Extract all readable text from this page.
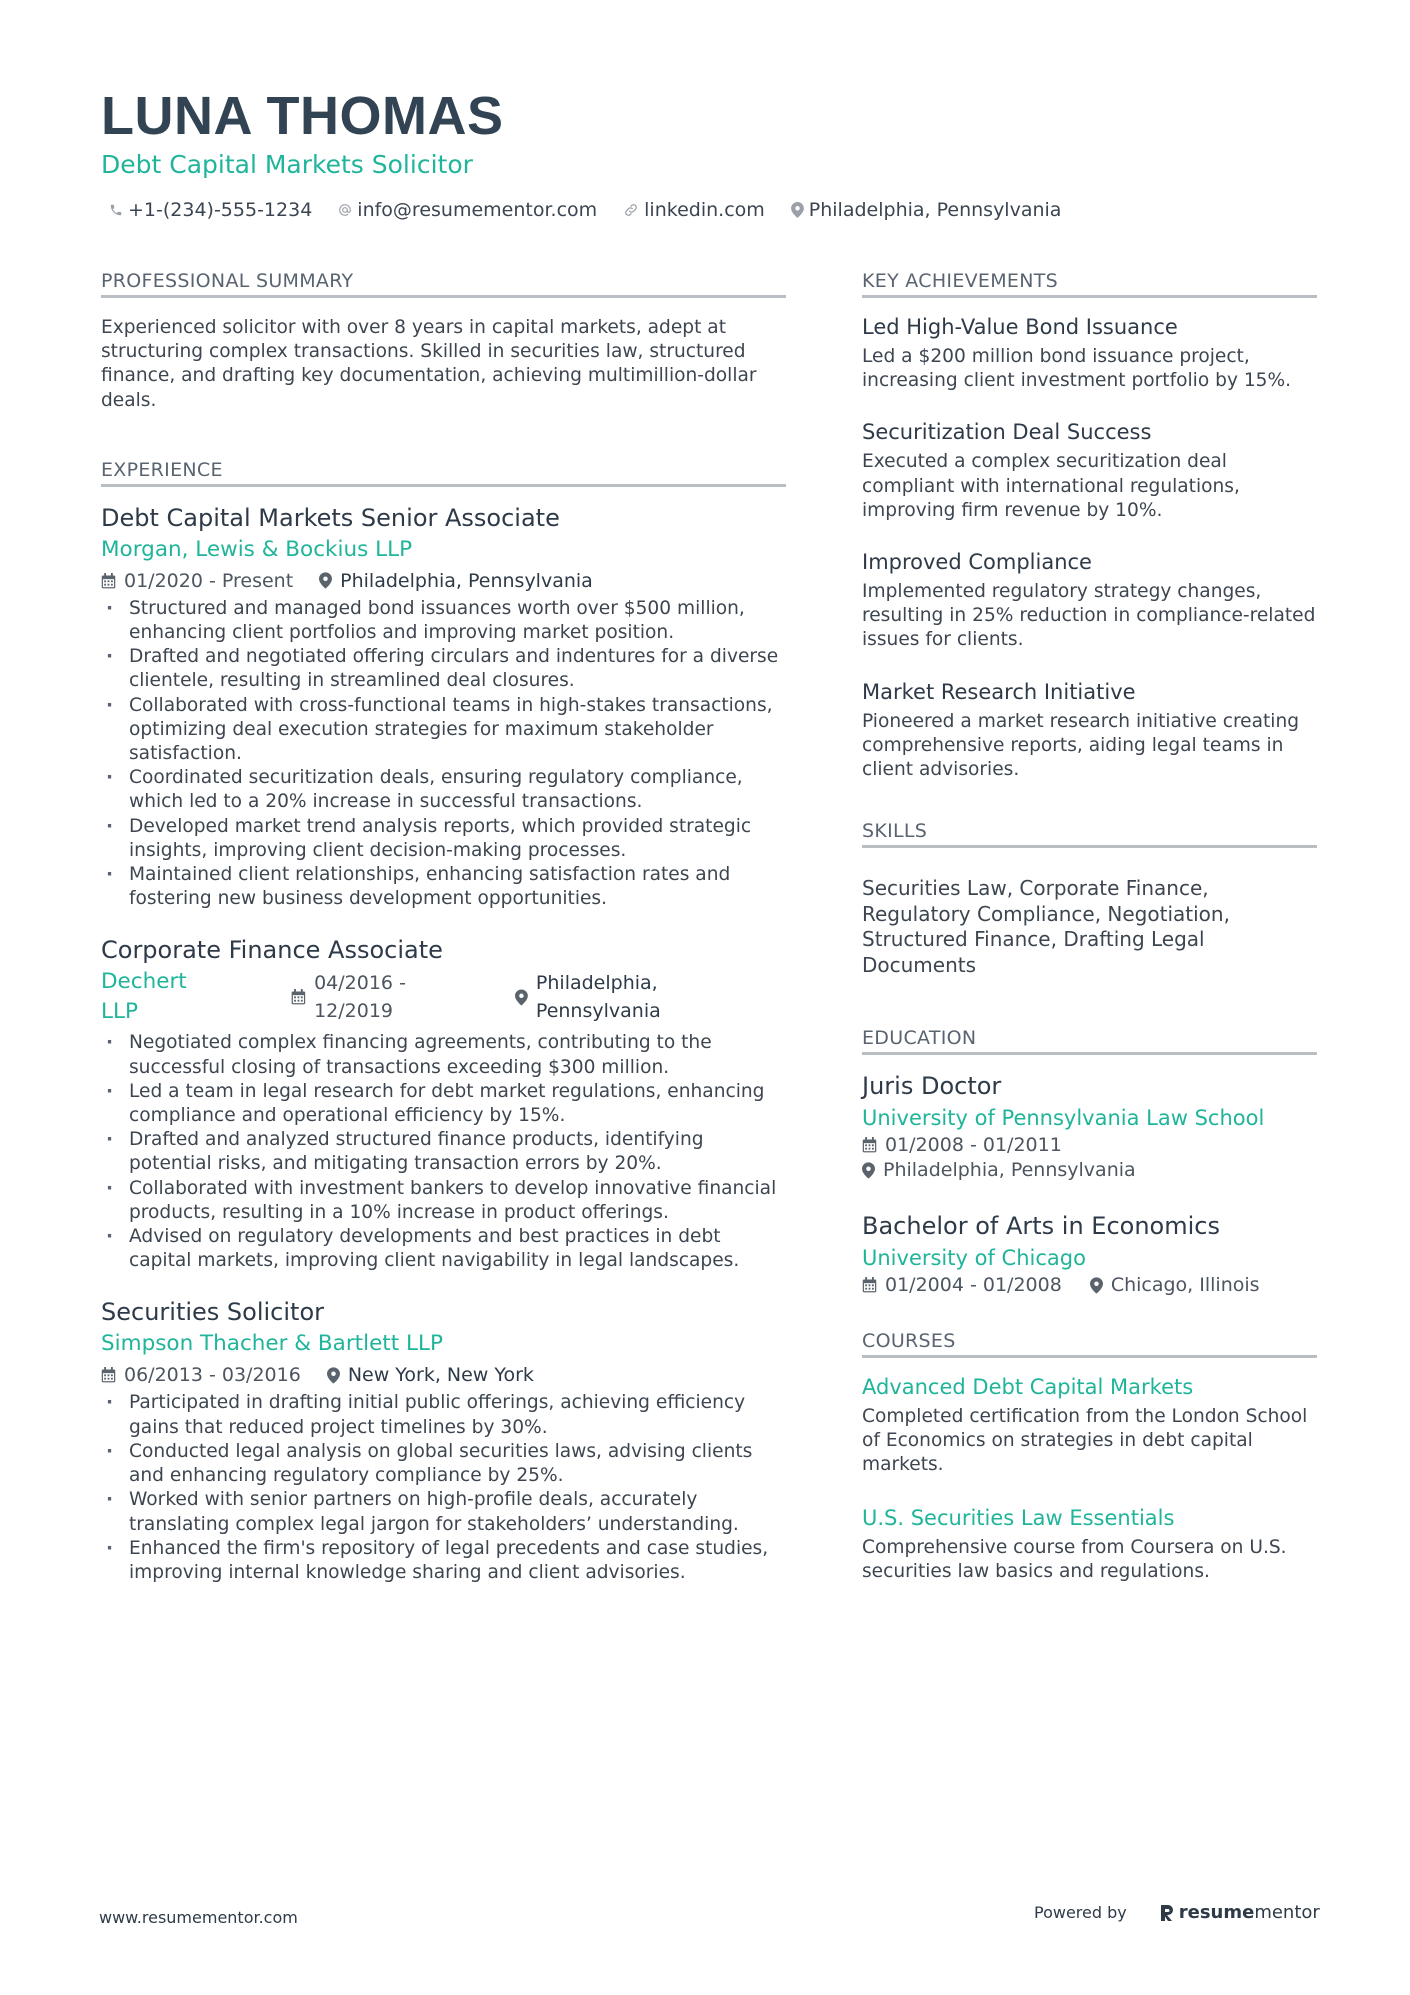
LUNA THOMAS
Debt Capital Markets Solicitor
+1-(234)-555-1234 info@resumementor.com linkedin.com Philadelphia, Pennsylvania
PROFESSIONAL SUMMARY
Experienced solicitor with over 8 years in capital markets, adept at structuring complex transactions. Skilled in securities law, structured finance, and drafting key documentation, achieving multimillion-dollar deals.
EXPERIENCE
Debt Capital Markets Senior Associate
Morgan, Lewis & Bockius LLP
01/2020 - Present Philadelphia, Pennsylvania
· Structured and managed bond issuances worth over $500 million, enhancing client portfolios and improving market position.
· Drafted and negotiated offering circulars and indentures for a diverse clientele, resulting in streamlined deal closures.
· Collaborated with cross-functional teams in high-stakes transactions, optimizing deal execution strategies for maximum stakeholder satisfaction.
· Coordinated securitization deals, ensuring regulatory compliance, which led to a 20% increase in successful transactions.
· Developed market trend analysis reports, which provided strategic insights, improving client decision-making processes.
· Maintained client relationships, enhancing satisfaction rates and fostering new business development opportunities.
Corporate Finance Associate
Dechert LLP
04/2016 - 12/2019
Philadelphia, Pennsylvania
· Negotiated complex financing agreements, contributing to the successful closing of transactions exceeding $300 million.
· Led a team in legal research for debt market regulations, enhancing compliance and operational efficiency by 15%.
· Drafted and analyzed structured finance products, identifying potential risks, and mitigating transaction errors by 20%.
· Collaborated with investment bankers to develop innovative financial products, resulting in a 10% increase in product offerings.
· Advised on regulatory developments and best practices in debt capital markets, improving client navigability in legal landscapes.
Securities Solicitor
Simpson Thacher & Bartlett LLP
06/2013 - 03/2016 New York, New York
· Participated in drafting initial public offerings, achieving efficiency gains that reduced project timelines by 30%.
· Conducted legal analysis on global securities laws, advising clients and enhancing regulatory compliance by 25%.
· Worked with senior partners on high-profile deals, accurately translating complex legal jargon for stakeholders’ understanding.
· Enhanced the firm's repository of legal precedents and case studies, improving internal knowledge sharing and client advisories.
KEY ACHIEVEMENTS
Led High-Value Bond Issuance
Led a $200 million bond issuance project, increasing client investment portfolio by 15%.
Securitization Deal Success
Executed a complex securitization deal compliant with international regulations, improving firm revenue by 10%.
Improved Compliance
Implemented regulatory strategy changes, resulting in 25% reduction in compliance-related issues for clients.
Market Research Initiative
Pioneered a market research initiative creating comprehensive reports, aiding legal teams in client advisories.
SKILLS
Securities Law, Corporate Finance, Regulatory Compliance, Negotiation, Structured Finance, Drafting Legal Documents
EDUCATION
Juris Doctor
University of Pennsylvania Law School
01/2008 - 01/2011
Philadelphia, Pennsylvania
Bachelor of Arts in Economics
University of Chicago
01/2004 - 01/2008	Chicago, Illinois
COURSES
Advanced Debt Capital Markets
Completed certification from the London School of Economics on strategies in debt capital markets.
U.S. Securities Law Essentials
Comprehensive course from Coursera on U.S. securities law basics and regulations.
www.resumementor.com	Powered by	resume mentor
